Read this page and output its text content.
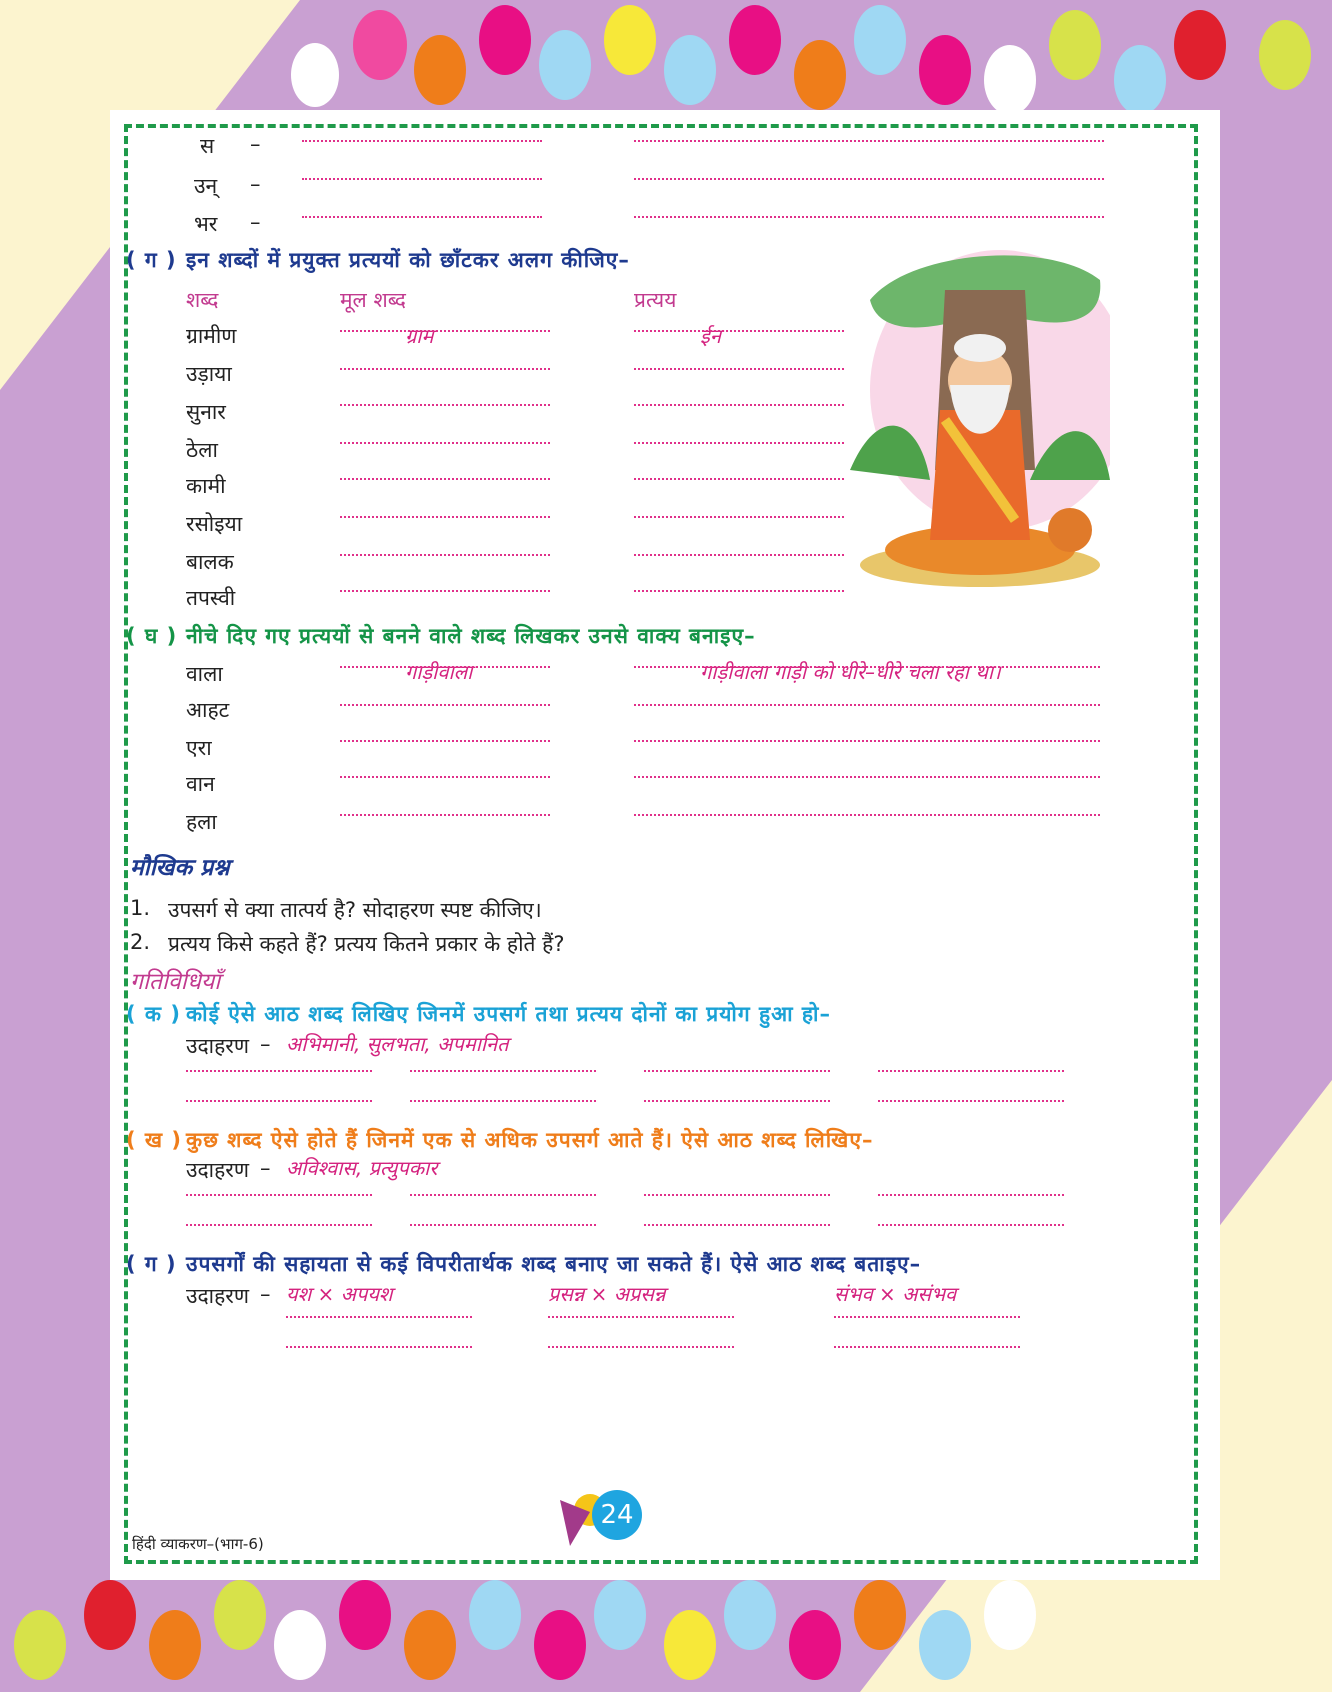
स –
उन् –
भर –
( ग ) इन शब्दों में प्रयुक्त प्रत्ययों को छाँटकर अलग कीजिए–
शब्द	मूल शब्द	प्रत्यय
ग्रामीण	ग्राम	ईन
उड़ाया
सुनार
ठेला
कामी
रसोइया
बालक
तपस्वी
( घ ) नीचे दिए गए प्रत्ययों से बनने वाले शब्द लिखकर उनसे वाक्य बनाइए–
वाला	गाड़ीवाला	गाड़ीवाला गाड़ी को धीरे–धीरे चला रहा था।
आहट
एरा
वान
हला
मौखिक प्रश्न
1. उपसर्ग से क्या तात्पर्य है? सोदाहरण स्पष्ट कीजिए।
2. प्रत्यय किसे कहते हैं? प्रत्यय कितने प्रकार के होते हैं?
गतिविधियाँ
( क ) कोई ऐसे आठ शब्द लिखिए जिनमें उपसर्ग तथा प्रत्यय दोनों का प्रयोग हुआ हो–
उदाहरण – अभिमानी, सुलभता, अपमानित
( ख ) कुछ शब्द ऐसे होते हैं जिनमें एक से अधिक उपसर्ग आते हैं। ऐसे आठ शब्द लिखिए–
उदाहरण – अविश्वास, प्रत्युपकार
( ग ) उपसर्गों की सहायता से कई विपरीतार्थक शब्द बनाए जा सकते हैं। ऐसे आठ शब्द बताइए–
उदाहरण – यश × अपयश	प्रसन्न × अप्रसन्न	संभव × असंभव
हिंदी व्याकरण–(भाग-6)
24
